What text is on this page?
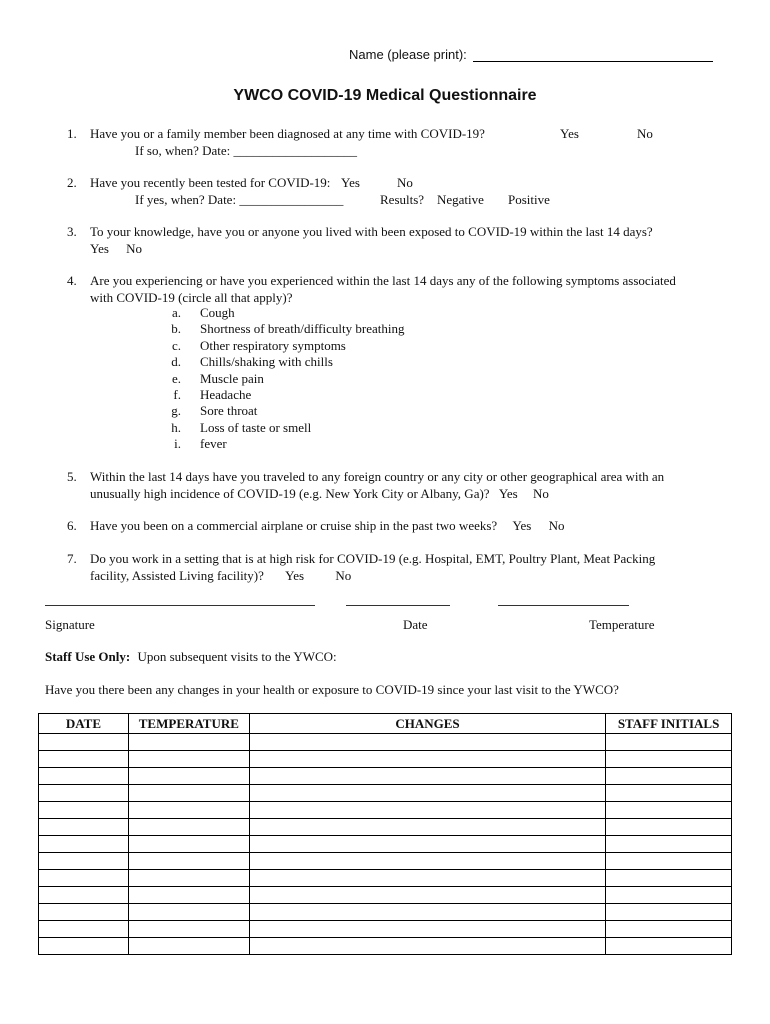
Name (please print):
YWCO COVID-19 Medical Questionnaire
1. Have you or a family member been diagnosed at any time with COVID-19?	Yes	No
If so, when? Date: ___________________
2. Have you recently been tested for COVID-19: Yes	No
If yes, when? Date: ________________	Results? Negative Positive
3. To your knowledge, have you or anyone you lived with been exposed to COVID-19 within the last 14 days?
Yes No
4. Are you experiencing or have you experienced within the last 14 days any of the following symptoms associated
with COVID-19 (circle all that apply)?
a. Cough
b. Shortness of breath/difficulty breathing
c. Other respiratory symptoms
d. Chills/shaking with chills
e. Muscle pain
f. Headache
g. Sore throat
h. Loss of taste or smell
i. fever
5. Within the last 14 days have you traveled to any foreign country or any city or other geographical area with an
unusually high incidence of COVID-19 (e.g. New York City or Albany, Ga)? Yes No
6. Have you been on a commercial airplane or cruise ship in the past two weeks? Yes No
7. Do you work in a setting that is at high risk for COVID-19 (e.g. Hospital, EMT, Poultry Plant, Meat Packing
facility, Assisted Living facility)? Yes No
Signature	Date	Temperature
Staff Use Only: Upon subsequent visits to the YWCO:
Have you there been any changes in your health or exposure to COVID-19 since your last visit to the YWCO?
DATE	TEMPERATURE	CHANGES	STAFF INITIALS
